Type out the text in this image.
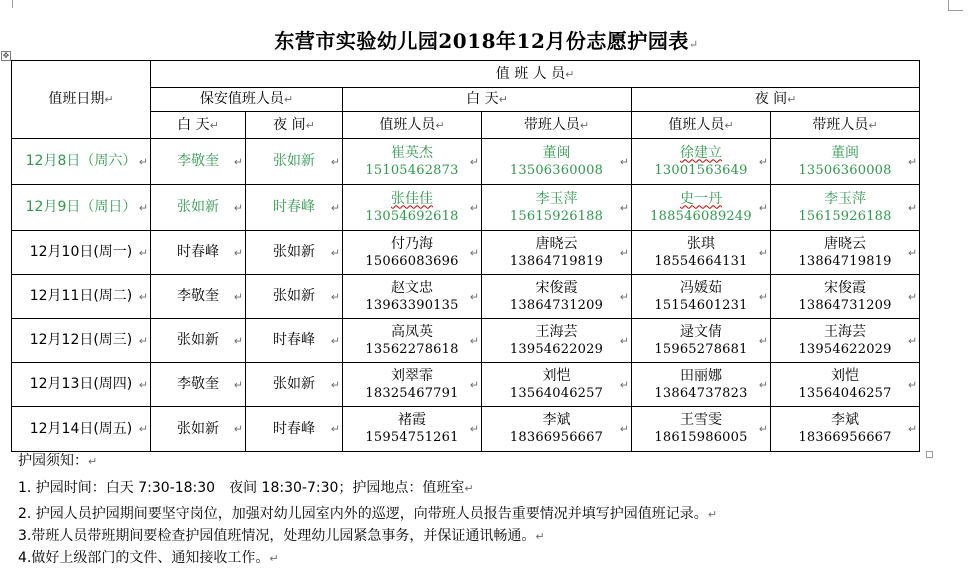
✥
东营市实验幼儿园2018年12月份志愿护园表↵
值班日期↵	值 班 人 员↵					
	保安值班人员↵		白 天↵		夜 间↵	
	白 天↵	夜 间↵	值班人员↵	带班人员↵	值班人员↵	带班人员↵
12月8日（周六） ↵	李敬奎 ↵	张如新 ↵	崔英杰
15105462873
↵	董闽
13506360008
↵	徐建立
13001563649
↵	董闽
13506360008
↵

12月9日（周日） ↵	张如新 ↵	时春峰 ↵	张佳佳
13054692618
↵	李玉萍
15615926188
↵	史一丹
188546089249
↵	李玉萍
15615926188
↵

12月10日(周一) ↵	时春峰 ↵	张如新 ↵	付乃海
15066083696
↵	唐晓云
13864719819
↵	张琪
18554664131
↵	唐晓云
13864719819
↵

12月11日(周二) ↵	李敬奎 ↵	张如新 ↵	赵文忠
13963390135
↵	宋俊霞
13864731209
↵	冯媛茹
15154601231
↵	宋俊霞
13864731209
↵

12月12日(周三) ↵	张如新 ↵	时春峰 ↵	高凤英
13562278618
↵	王海芸
13954622029
↵	逯文倩
15965278681
↵	王海芸
13954622029
↵

12月13日(周四) ↵	李敬奎 ↵	张如新 ↵	刘翠霏
18325467791
↵	刘恺
13564046257
↵	田丽娜
13864737823
↵	刘恺
13564046257
↵

12月14日(周五) ↵	张如新 ↵	时春峰 ↵	褚霞
15954751261
↵	李斌
18366956667
↵	王雪雯
18615986005
↵	李斌
18366956667
↵
护园须知：↵
1. 护园时间：白天 7:30-18:30　夜间 18:30-7:30；护园地点：值班室↵
2. 护园人员护园期间要坚守岗位，加强对幼儿园室内外的巡逻，向带班人员报告重要情况并填写护园值班记录。↵
3.带班人员带班期间要检查护园值班情况，处理幼儿园紧急事务，并保证通讯畅通。↵
4.做好上级部门的文件、通知接收工作。↵
